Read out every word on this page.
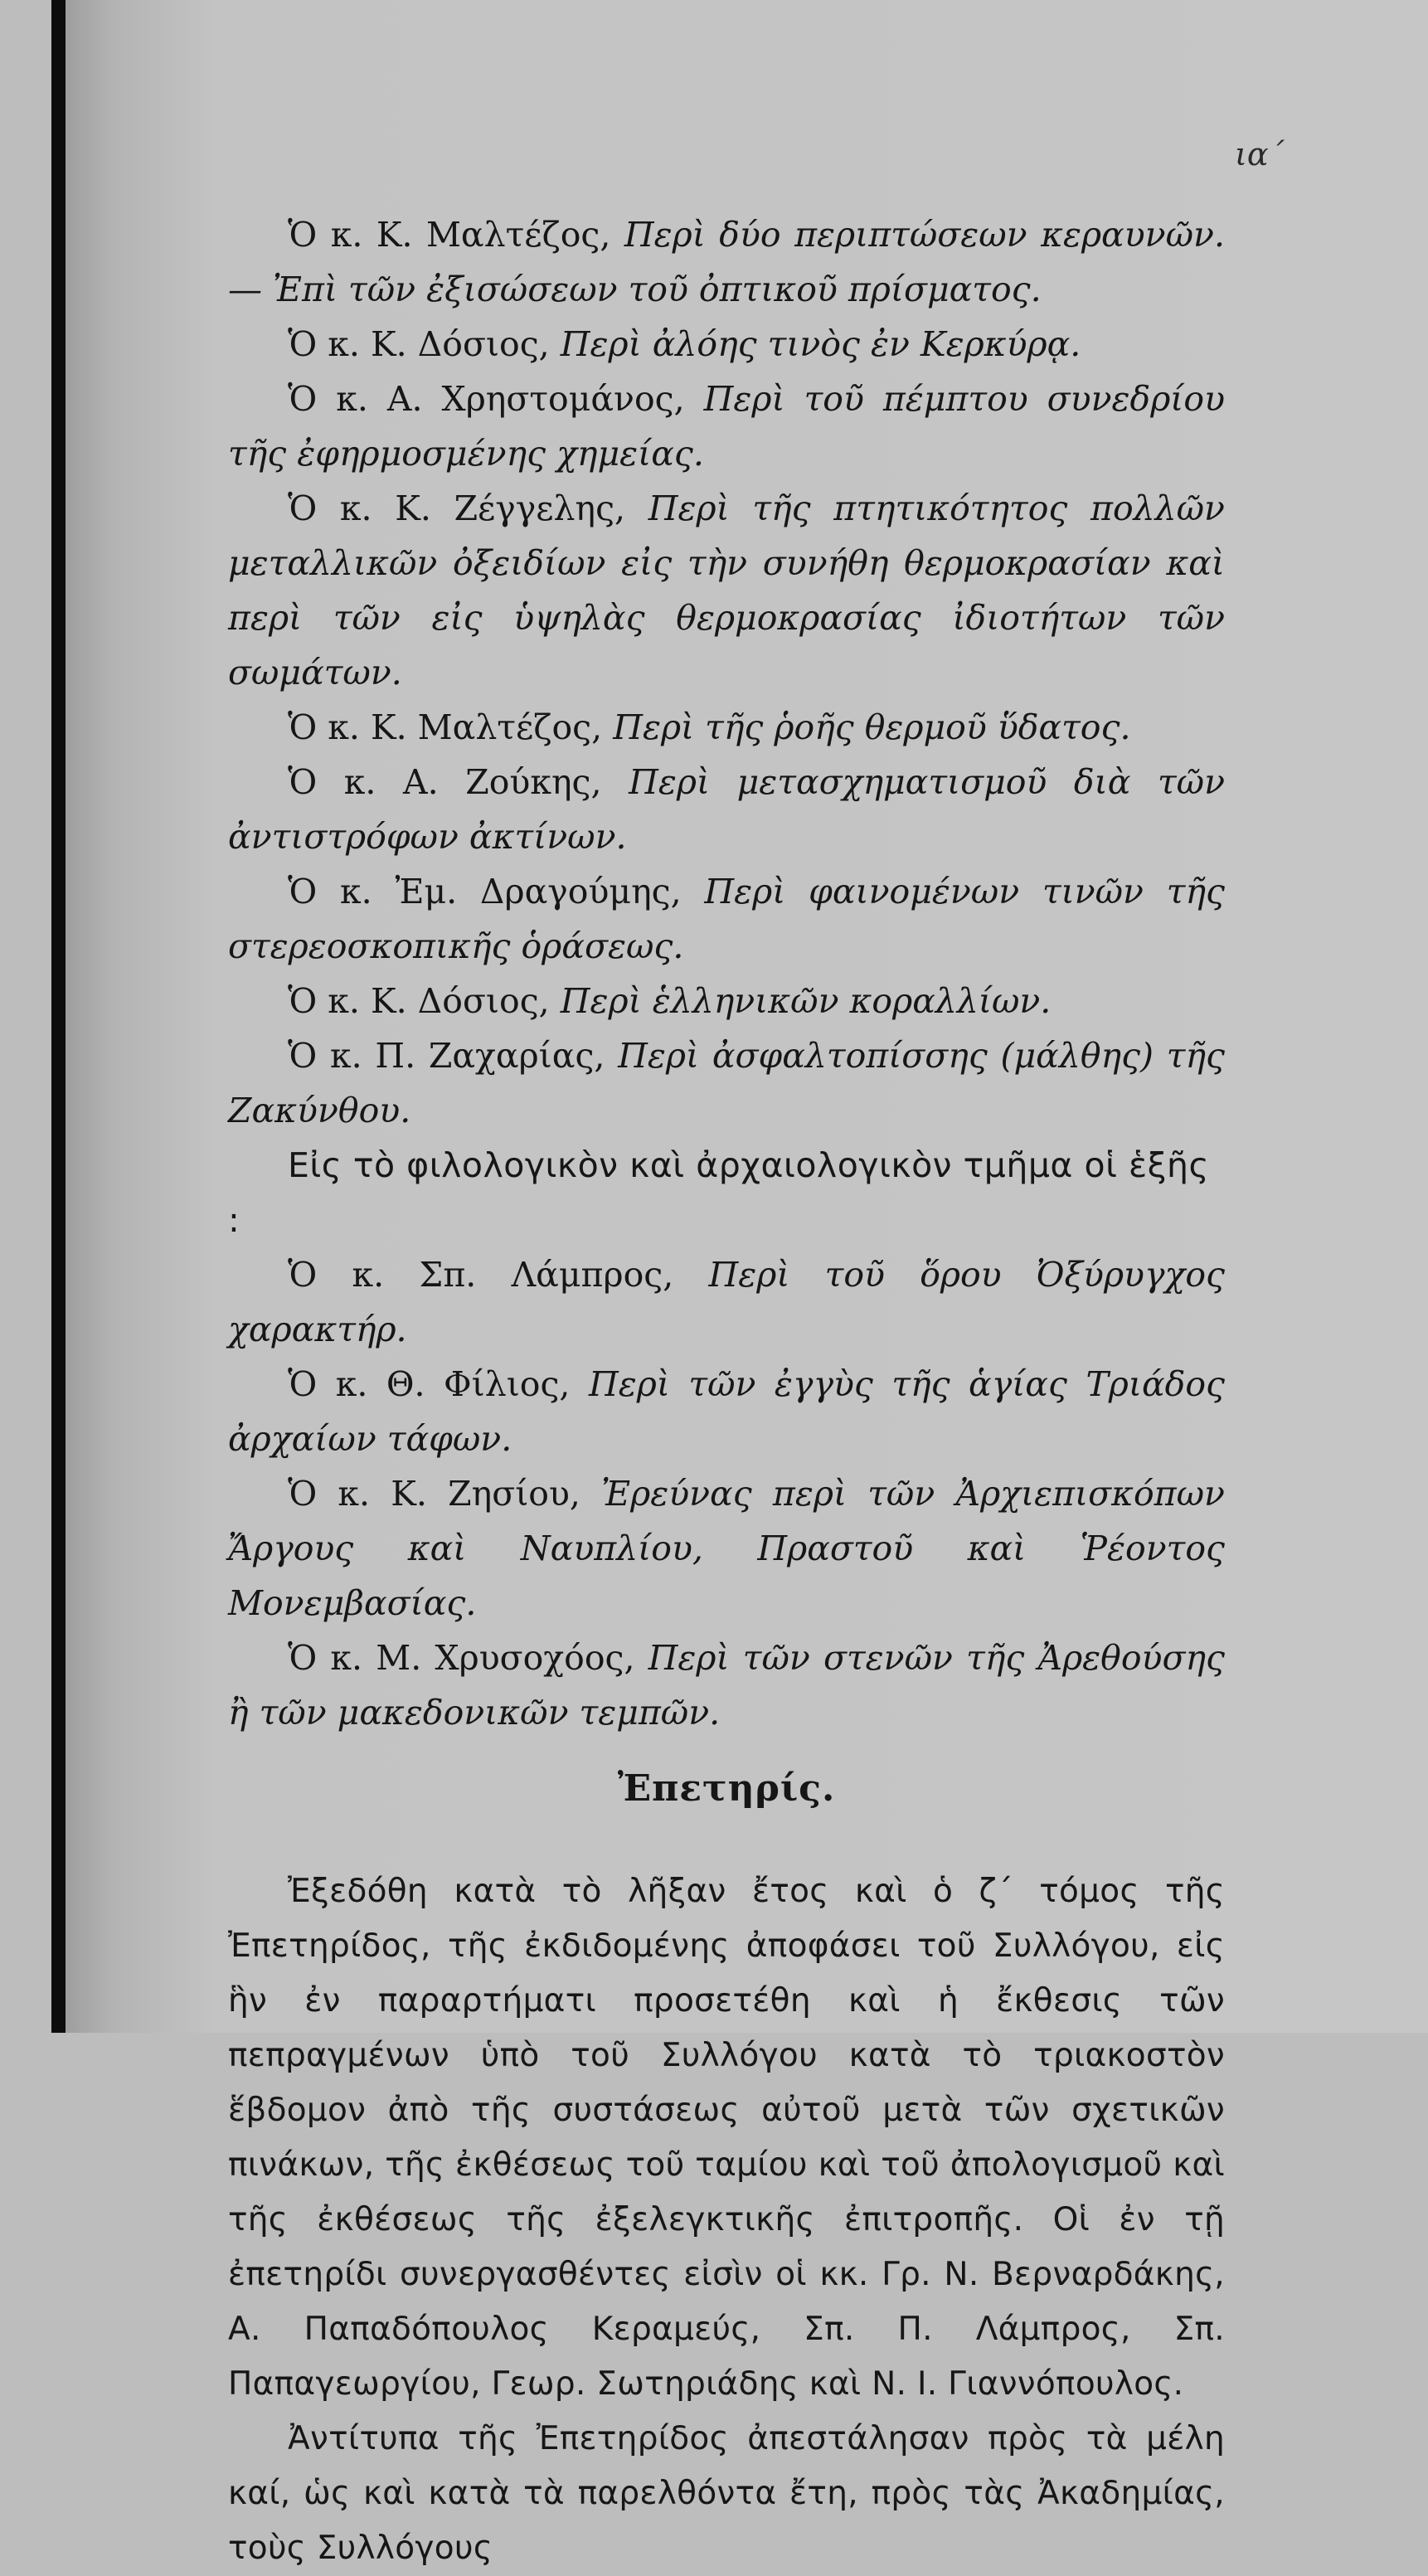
ια΄

Ὁ κ. Κ. Μαλτέζος, Περὶ δύο περιπτώσεων κεραυνῶν.— Ἐπὶ τῶν ἐξισώσεων τοῦ ὀπτικοῦ πρίσματος.

Ὁ κ. Κ. Δόσιος, Περὶ ἀλόης τινὸς ἐν Κερκύρᾳ.

Ὁ κ. Α. Χρηστομάνος, Περὶ τοῦ πέμπτου συνεδρίου τῆς ἐφηρμοσμένης χημείας.

Ὁ κ. Κ. Ζέγγελης, Περὶ τῆς πτητικότητος πολλῶν μεταλλικῶν ὀξειδίων εἰς τὴν συνήθη θερμοκρασίαν καὶ περὶ τῶν εἰς ὑψηλὰς θερμοκρασίας ἰδιοτήτων τῶν σωμάτων.

Ὁ κ. Κ. Μαλτέζος, Περὶ τῆς ῥοῆς θερμοῦ ὕδατος.

Ὁ κ. Α. Ζούκης, Περὶ μετασχηματισμοῦ διὰ τῶν ἀντιστρόφων ἀκτίνων.

Ὁ κ. Ἐμ. Δραγούμης, Περὶ φαινομένων τινῶν τῆς στερεοσκοπικῆς ὁράσεως.

Ὁ κ. Κ. Δόσιος, Περὶ ἑλληνικῶν κοραλλίων.

Ὁ κ. Π. Ζαχαρίας, Περὶ ἀσφαλτοπίσσης (μάλθης) τῆς Ζακύνθου.

Εἰς τὸ φιλολογικὸν καὶ ἀρχαιολογικὸν τμῆμα οἱ ἑξῆς :

Ὁ κ. Σπ. Λάμπρος, Περὶ τοῦ ὅρου Ὀξύρυγχος χαρακτήρ.

Ὁ κ. Θ. Φίλιος, Περὶ τῶν ἐγγὺς τῆς ἁγίας Τριάδος ἀρχαίων τάφων.

Ὁ κ. Κ. Ζησίου, Ἐρεύνας περὶ τῶν Ἀρχιεπισκόπων Ἄργους καὶ Ναυπλίου, Πραστοῦ καὶ Ῥέοντος Μονεμβασίας.

Ὁ κ. Μ. Χρυσοχόος, Περὶ τῶν στενῶν τῆς Ἀρεθούσης ἢ τῶν μακεδονικῶν τεμπῶν.

Ἐπετηρίς.

Ἐξεδόθη κατὰ τὸ λῆξαν ἔτος καὶ ὁ ζ΄ τόμος τῆς Ἐπετηρίδος, τῆς ἐκδιδομένης ἀποφάσει τοῦ Συλλόγου, εἰς ἣν ἐν παραρτήματι προσετέθη καὶ ἡ ἔκθεσις τῶν πεπραγμένων ὑπὸ τοῦ Συλλόγου κατὰ τὸ τριακοστὸν ἕβδομον ἀπὸ τῆς συστάσεως αὐτοῦ μετὰ τῶν σχετικῶν πινάκων, τῆς ἐκθέσεως τοῦ ταμίου καὶ τοῦ ἀπολογισμοῦ καὶ τῆς ἐκθέσεως τῆς ἐξελεγκτικῆς ἐπιτροπῆς. Οἱ ἐν τῇ ἐπετηρίδι συνεργασθέντες εἰσὶν οἱ κκ. Γρ. Ν. Βερναρδάκης, Α. Παπαδόπουλος Κεραμεύς, Σπ. Π. Λάμπρος, Σπ. Παπαγεωργίου, Γεωρ. Σωτηριάδης καὶ Ν. Ι. Γιαννόπουλος.

Ἀντίτυπα τῆς Ἐπετηρίδος ἀπεστάλησαν πρὸς τὰ μέλη καί, ὡς καὶ κατὰ τὰ παρελθόντα ἔτη, πρὸς τὰς Ἀκαδημίας, τοὺς Συλλόγους
